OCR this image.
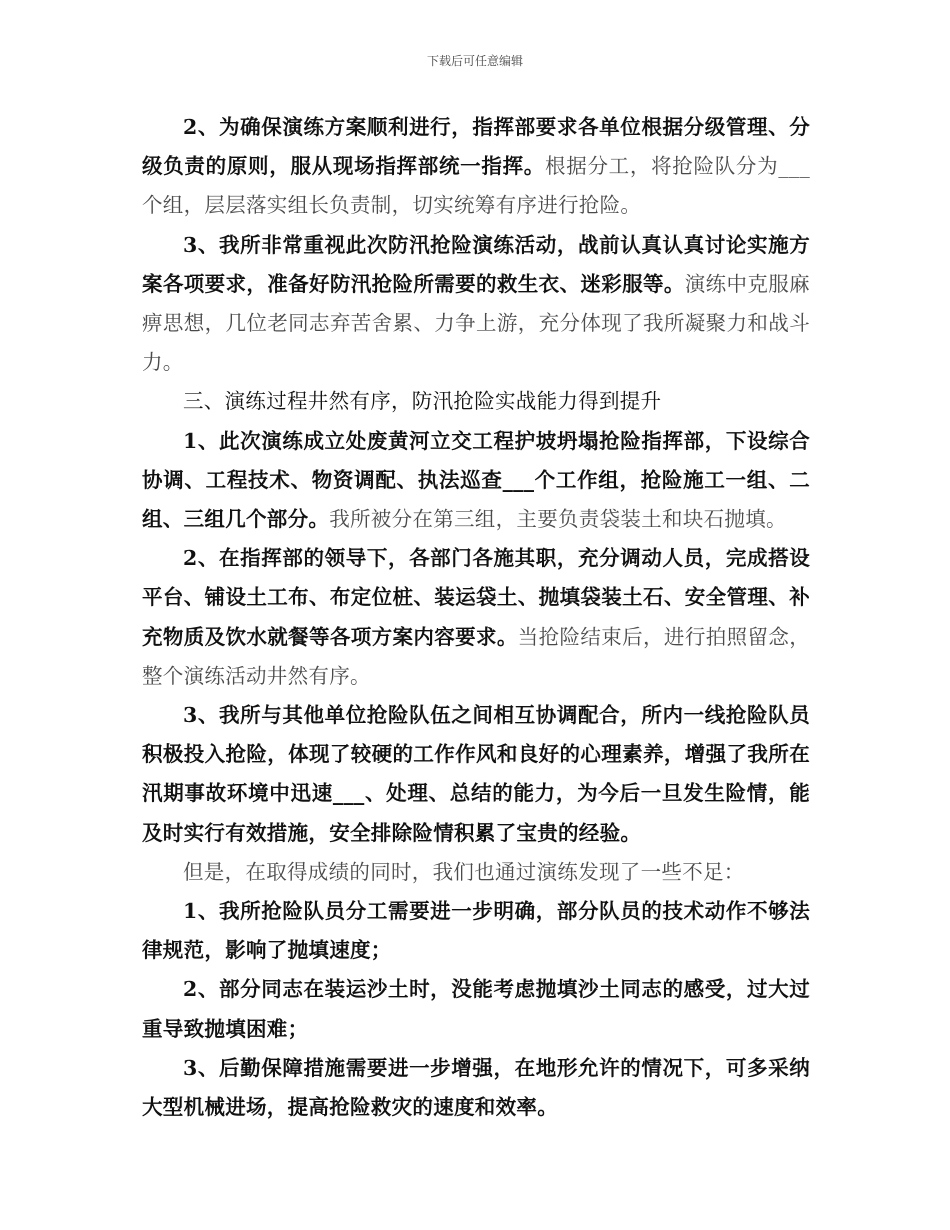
下载后可任意编辑

2、为确保演练方案顺利进行，指挥部要求各单位根据分级管理、分级负责的原则，服从现场指挥部统一指挥。根据分工，将抢险队分为___个组，层层落实组长负责制，切实统筹有序进行抢险。

3、我所非常重视此次防汛抢险演练活动，战前认真认真讨论实施方案各项要求，准备好防汛抢险所需要的救生衣、迷彩服等。演练中克服麻痹思想，几位老同志弃苦舍累、力争上游，充分体现了我所凝聚力和战斗力。

三、演练过程井然有序，防汛抢险实战能力得到提升

1、此次演练成立处废黄河立交工程护坡坍塌抢险指挥部，下设综合协调、工程技术、物资调配、执法巡查___个工作组，抢险施工一组、二组、三组几个部分。我所被分在第三组，主要负责袋装土和块石抛填。

2、在指挥部的领导下，各部门各施其职，充分调动人员，完成搭设平台、铺设土工布、布定位桩、装运袋土、抛填袋装土石、安全管理、补充物质及饮水就餐等各项方案内容要求。当抢险结束后，进行拍照留念，整个演练活动井然有序。

3、我所与其他单位抢险队伍之间相互协调配合，所内一线抢险队员积极投入抢险，体现了较硬的工作作风和良好的心理素养，增强了我所在汛期事故环境中迅速___、处理、总结的能力，为今后一旦发生险情，能及时实行有效措施，安全排除险情积累了宝贵的经验。

但是，在取得成绩的同时，我们也通过演练发现了一些不足：

1、我所抢险队员分工需要进一步明确，部分队员的技术动作不够法律规范，影响了抛填速度；

2、部分同志在装运沙土时，没能考虑抛填沙土同志的感受，过大过重导致抛填困难；

3、后勤保障措施需要进一步增强，在地形允许的情况下，可多采纳大型机械进场，提高抢险救灾的速度和效率。
